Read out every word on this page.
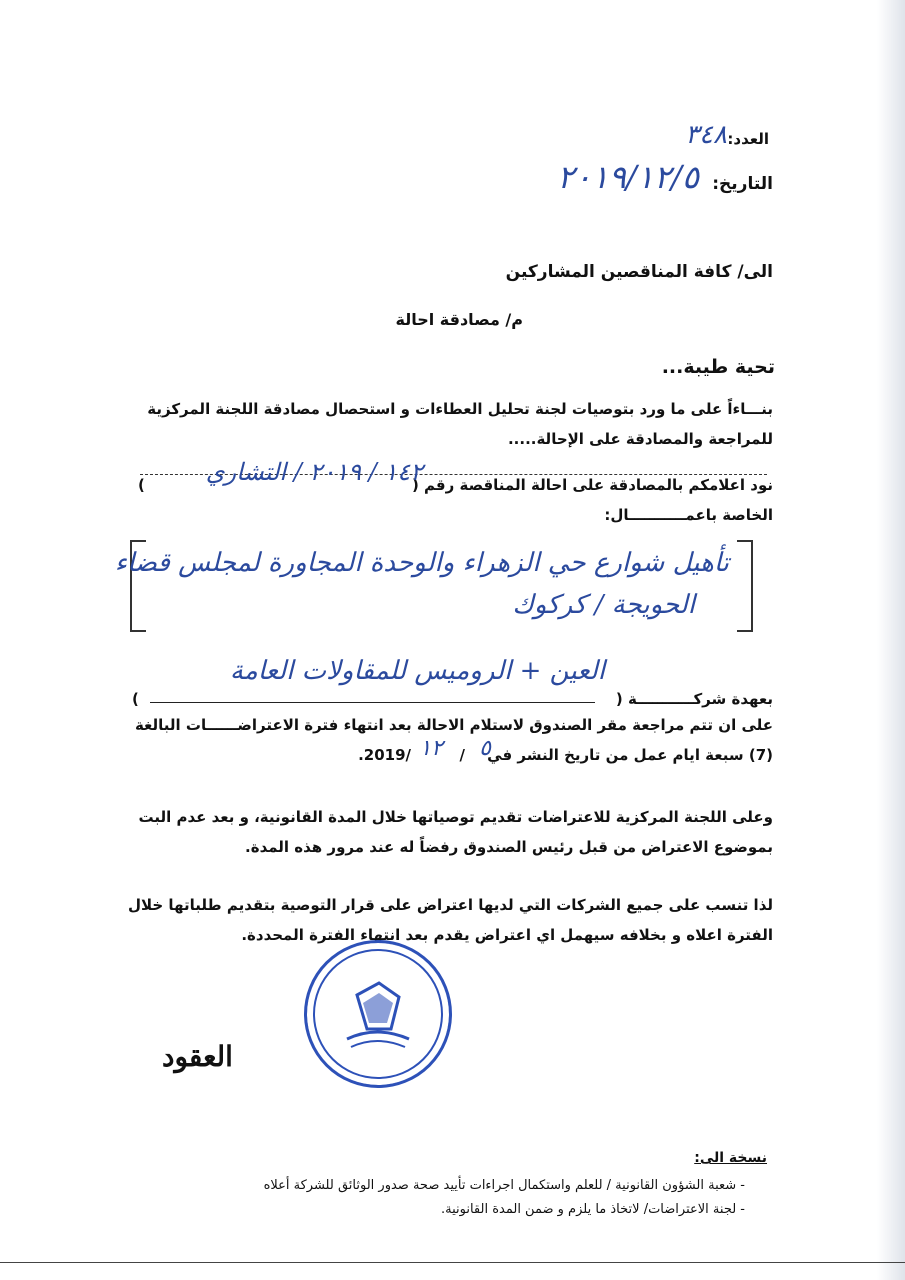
العدد:
٣٤٨
التاريخ:
٢٠١٩/١٢/٥
الى/ كافة المناقصين المشاركين
م/ مصادقة احالة
تحية طيبة...
بنـــاءاً على ما ورد بتوصيات لجنة تحليل العطاءات و استحصال مصادقة اللجنة المركزية
للمراجعة والمصادقة على الإحالة.....
نود اعلامكم بالمصادقة على احالة المناقصة رقم (
١٤٢ / ٢٠١٩ / التشاري
)
الخاصة باعمـــــــــــال:
تأهيل شوارع حي الزهراء والوحدة المجاورة لمجلس قضاء
الحويجة / كركوك
بعهدة شركـــــــــــة (
العين + الروميس للمقاولات العامة
)
على ان تتم مراجعة مقر الصندوق لاستلام الاحالة بعد انتهاء فترة الاعتراضــــــات البالغة
(7) سبعة ايام عمل من تاريخ النشر في
٥
/
١٢
/2019.
وعلى اللجنة المركزية للاعتراضات تقديم توصياتها خلال المدة القانونية، و بعد عدم البت
بموضوع الاعتراض من قبل رئيس الصندوق رفضاً له عند مرور هذه المدة.
لذا تنسب على جميع الشركات التي لديها اعتراض على قرار التوصية بتقديم طلباتها خلال
الفترة اعلاه و بخلافه سيهمل اي اعتراض يقدم بعد انتهاء الفترة المحددة.
العقود
نسخة الى:
- شعبة الشؤون القانونية / للعلم واستكمال اجراءات تأييد صحة صدور الوثائق للشركة أعلاه
- لجنة الاعتراضات/ لاتخاذ ما يلزم و ضمن المدة القانونية.
